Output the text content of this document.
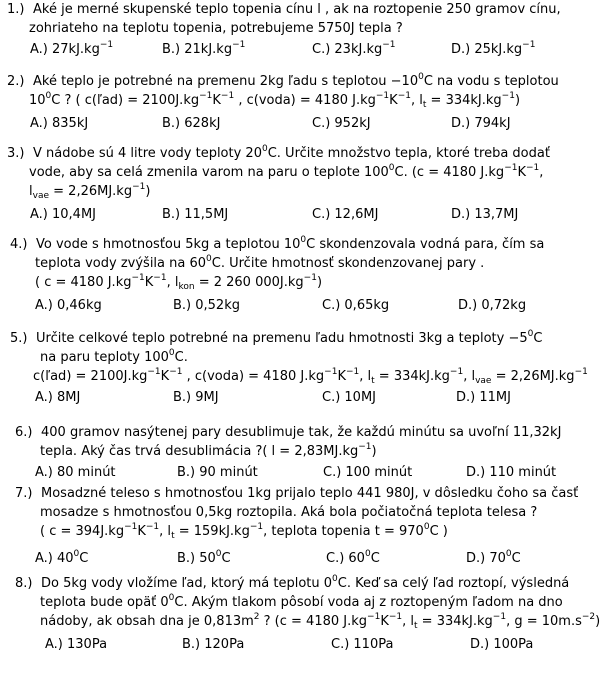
1.) Aké je merné skupenské teplo topenia cínu l , ak na roztopenie 250 gramov cínu,
zohriateho na teplotu topenia, potrebujeme 5750J tepla ?
A.) $27kJ.kg^{-1}$	B.) $21kJ.kg^{-1}$	C.) $23kJ.kg^{-1}$	D.) $25kJ.kg^{-1}$
2.) Aké teplo je potrebné na premenu 2kg ľadu s teplotou $-10^0C$ na vodu s teplotou
$10^0C$ ? ( c(ľad) = $2100J.kg^{-1}K^{-1}$ , c(voda) = 4180 $J.kg^{-1}K^{-1}$, $l_t = 334kJ.kg^{-1}$)
A.) 835kJ	B.) 628kJ	C.) 952kJ	D.) 794kJ
3.) V nádobe sú 4 litre vody teploty $20^0C$. Určite množstvo tepla, ktoré treba dodať
vode, aby sa celá zmenila varom na paru o teplote $100^0C$. (c = 4180 $J.kg^{-1}K^{-1}$,
$l_{vae} = 2,26MJ.kg^{-1}$)
A.) 10,4MJ	B.) 11,5MJ	C.) 12,6MJ	D.) 13,7MJ
4.) Vo vode s hmotnosťou 5kg a teplotou $10^0C$ skondenzovala vodná para, čím sa
teplota vody zvýšila na $60^0C$. Určite hmotnosť skondenzovanej pary .
( c = 4180 $J.kg^{-1}K^{-1}$, $l_{kon} = 2$ 260 $000J.kg^{-1}$)
A.) 0,46kg	B.) 0,52kg	C.) 0,65kg	D.) 0,72kg
5.) Určite celkové teplo potrebné na premenu ľadu hmotnosti 3kg a teploty $-5^0C$
na paru teploty $100^0C$.
c(ľad) = $2100J.kg^{-1}K^{-1}$ , c(voda) = 4180 $J.kg^{-1}K^{-1}$, $l_t = 334kJ.kg^{-1}$, $l_{vae} = 2,26MJ.kg^{-1}$
A.) 8MJ	B.) 9MJ	C.) 10MJ	D.) 11MJ
6.) 400 gramov nasýtenej pary desublimuje tak, že každú minútu sa uvoľní 11,32kJ
tepla. Aký čas trvá desublimácia ?( $l = 2,83MJ.kg^{-1}$)
A.) 80 minút	B.) 90 minút	C.) 100 minút	D.) 110 minút
7.) Mosadzné teleso s hmotnosťou 1kg prijalo teplo 441 980J, v dôsledku čoho sa časť
mosadze s hmotnosťou 0,5kg roztopila. Aká bola počiatočná teplota telesa ?
( $c = 394J.kg^{-1}K^{-1}$, $l_t = 159kJ.kg^{-1}$, teplota topenia $t = 970^0C$ )
A.) $40^0C$	B.) $50^0C$	C.) $60^0C$	D.) $70^0C$
8.) Do 5kg vody vložíme ľad, ktorý má teplotu $0^0C$. Keď sa celý ľad roztopí, výsledná
teplota bude opäť $0^0C$. Akým tlakom pôsobí voda aj z roztopeným ľadom na dno
nádoby, ak obsah dna je $0,813m^2$ ? (c = 4180 $J.kg^{-1}K^{-1}$, $l_t = 334kJ.kg^{-1}$, $g = 10m.s^{-2}$)
A.) 130Pa	B.) 120Pa	C.) 110Pa	D.) 100Pa
